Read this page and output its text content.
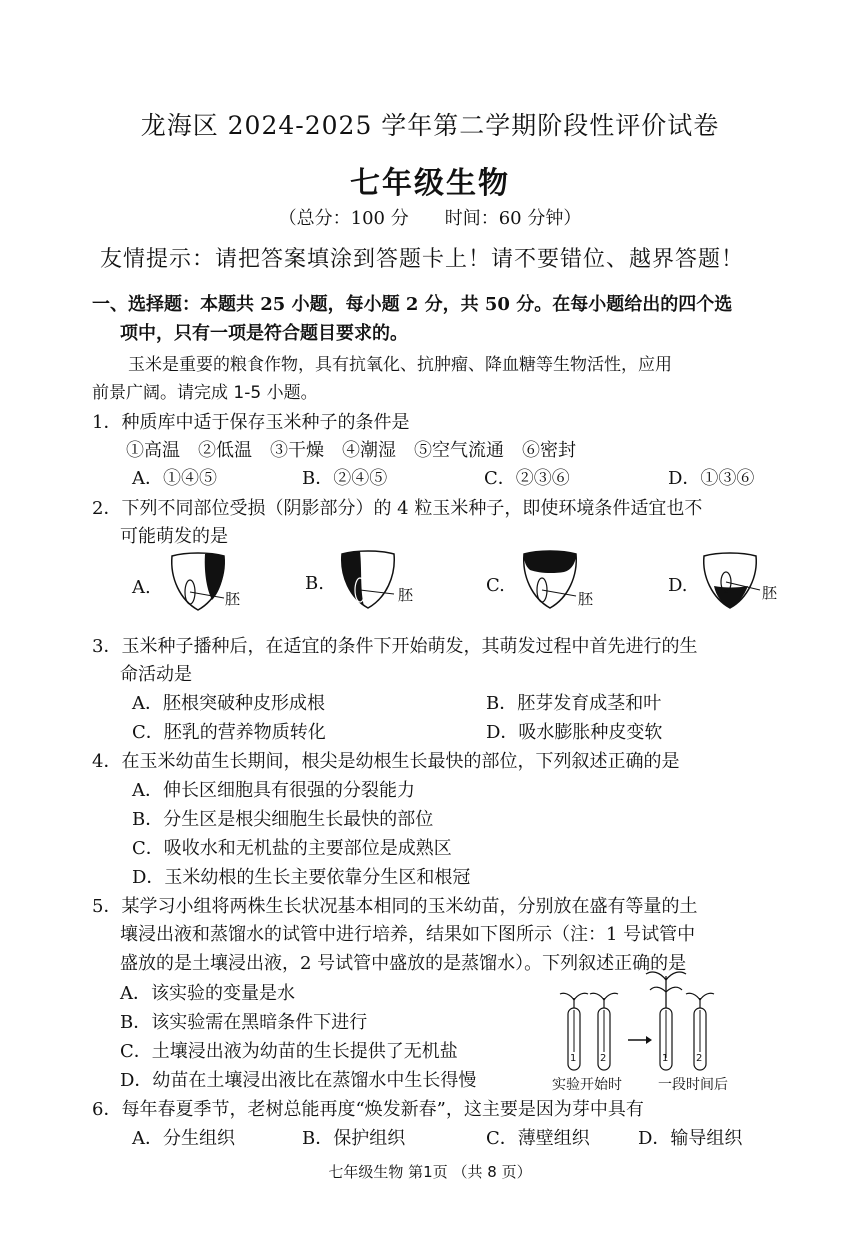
龙海区 2024-2025 学年第二学期阶段性评价试卷
七年级生物
（总分：100 分　　时间：60 分钟）
友情提示：请把答案填涂到答题卡上！请不要错位、越界答题！
一、选择题：本题共 25 小题，每小题 2 分，共 50 分。在每小题给出的四个选
项中，只有一项是符合题目要求的。
玉米是重要的粮食作物，具有抗氧化、抗肿瘤、降血糖等生物活性，应用
前景广阔。请完成 1-5 小题。
1．种质库中适于保存玉米种子的条件是
①高温　②低温　③干燥　④潮湿　⑤空气流通　⑥密封
A．①④⑤	B．②④⑤	C．②③⑥	D．①③⑥
2．下列不同部位受损（阴影部分）的 4 粒玉米种子，即使环境条件适宜也不
可能萌发的是
A.
胚
B.
胚	C.
胚
D.	胚
3．玉米种子播种后，在适宜的条件下开始萌发，其萌发过程中首先进行的生
命活动是
A．胚根突破种皮形成根	B．胚芽发育成茎和叶
C．胚乳的营养物质转化	D．吸水膨胀种皮变软
4．在玉米幼苗生长期间，根尖是幼根生长最快的部位，下列叙述正确的是
A．伸长区细胞具有很强的分裂能力
B．分生区是根尖细胞生长最快的部位
C．吸收水和无机盐的主要部位是成熟区
D．玉米幼根的生长主要依靠分生区和根冠
5．某学习小组将两株生长状况基本相同的玉米幼苗，分别放在盛有等量的土
壤浸出液和蒸馏水的试管中进行培养，结果如下图所示（注：1 号试管中
盛放的是土壤浸出液，2 号试管中盛放的是蒸馏水）。下列叙述正确的是
A．该实验的变量是水
B．该实验需在黑暗条件下进行
C．土壤浸出液为幼苗的生长提供了无机盐
D．幼苗在土壤浸出液比在蒸馏水中生长得慢
1 2	1	2
实验开始时	一段时间后
6．每年春夏季节，老树总能再度“焕发新春”，这主要是因为芽中具有
A．分生组织	B．保护组织	C．薄壁组织	D．输导组织
七年级生物 第1页 （共 8 页）
